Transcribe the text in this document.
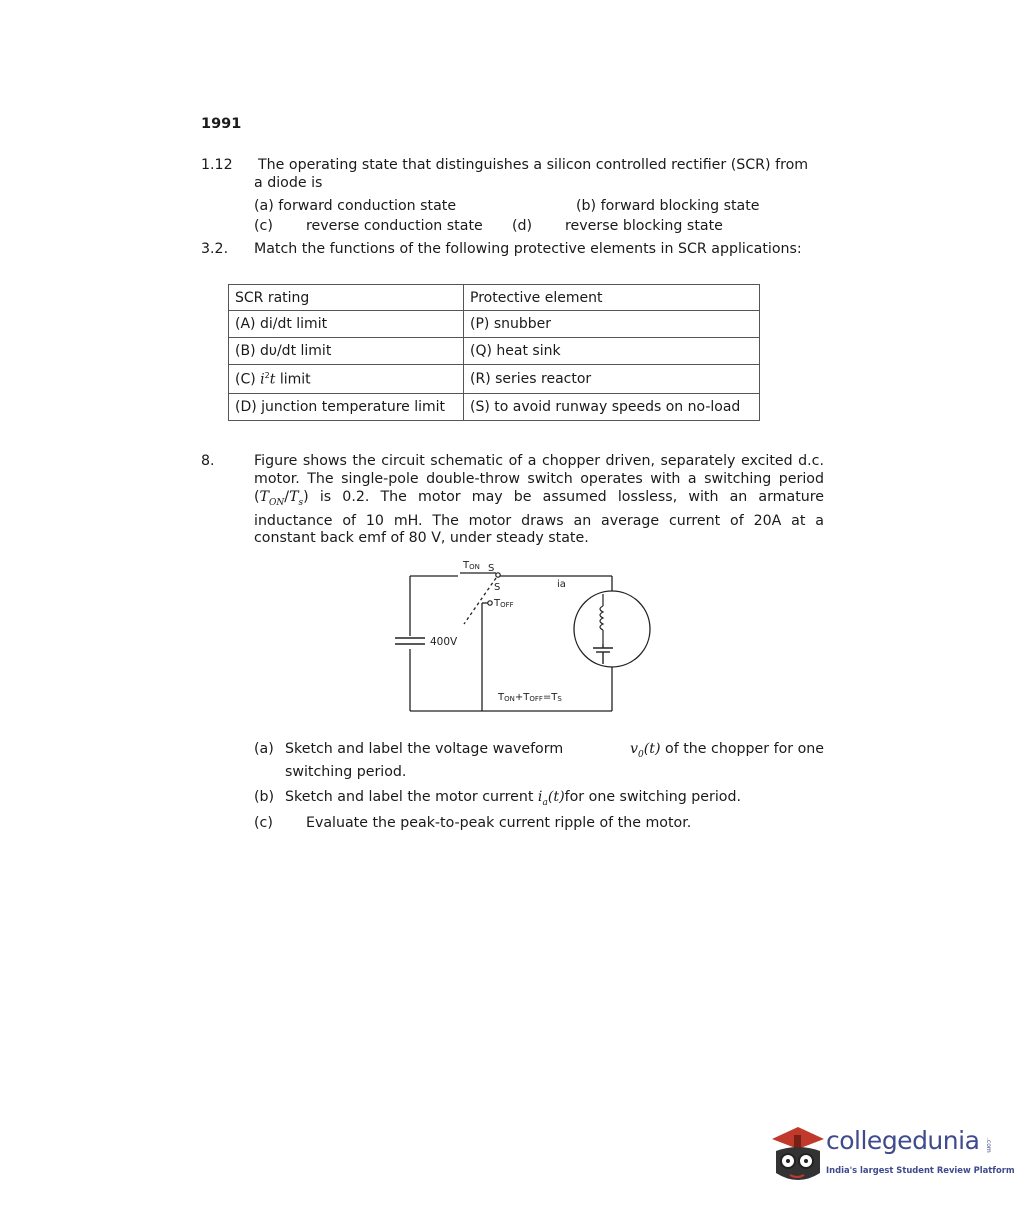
1991
1.12 The operating state that distinguishes a silicon controlled rectifier (SCR) from
a diode is
(a) forward conduction state	(b) forward blocking state
(c) reverse conduction state (d) reverse blocking state
3.2. Match the functions of the following protective elements in SCR applications:
SCR rating	Protective element
(A) di/dt limit	(P) snubber
(B) dυ/dt limit	(Q) heat sink
(C) $i^2t$ limit	(R) series reactor
(D) junction temperature limit	(S) to avoid runway speeds on no-load
8.	Figure shows the circuit schematic of a chopper driven, separately excited d.c.
motor. The single-pole double-throw switch operates with a switching period
($T_{ON}/T_s$ ) is 0.2. The motor may be assumed lossless, with an armature
inductance of 10 mH. The motor draws an average current of 20A at a
constant back emf of 80 V, under steady state.
TON S
S
TOFF
ia
400V
TON+TOFF=TS
(a) Sketch and label the voltage waveform	$v_0(t)$ of the chopper for one
switching period.
(b) Sketch and label the motor current $i_a(t)for$ one switching period.
(c) Evaluate the peak-to-peak current ripple of the motor.
collegedunia .com
India's largest Student Review Platform
